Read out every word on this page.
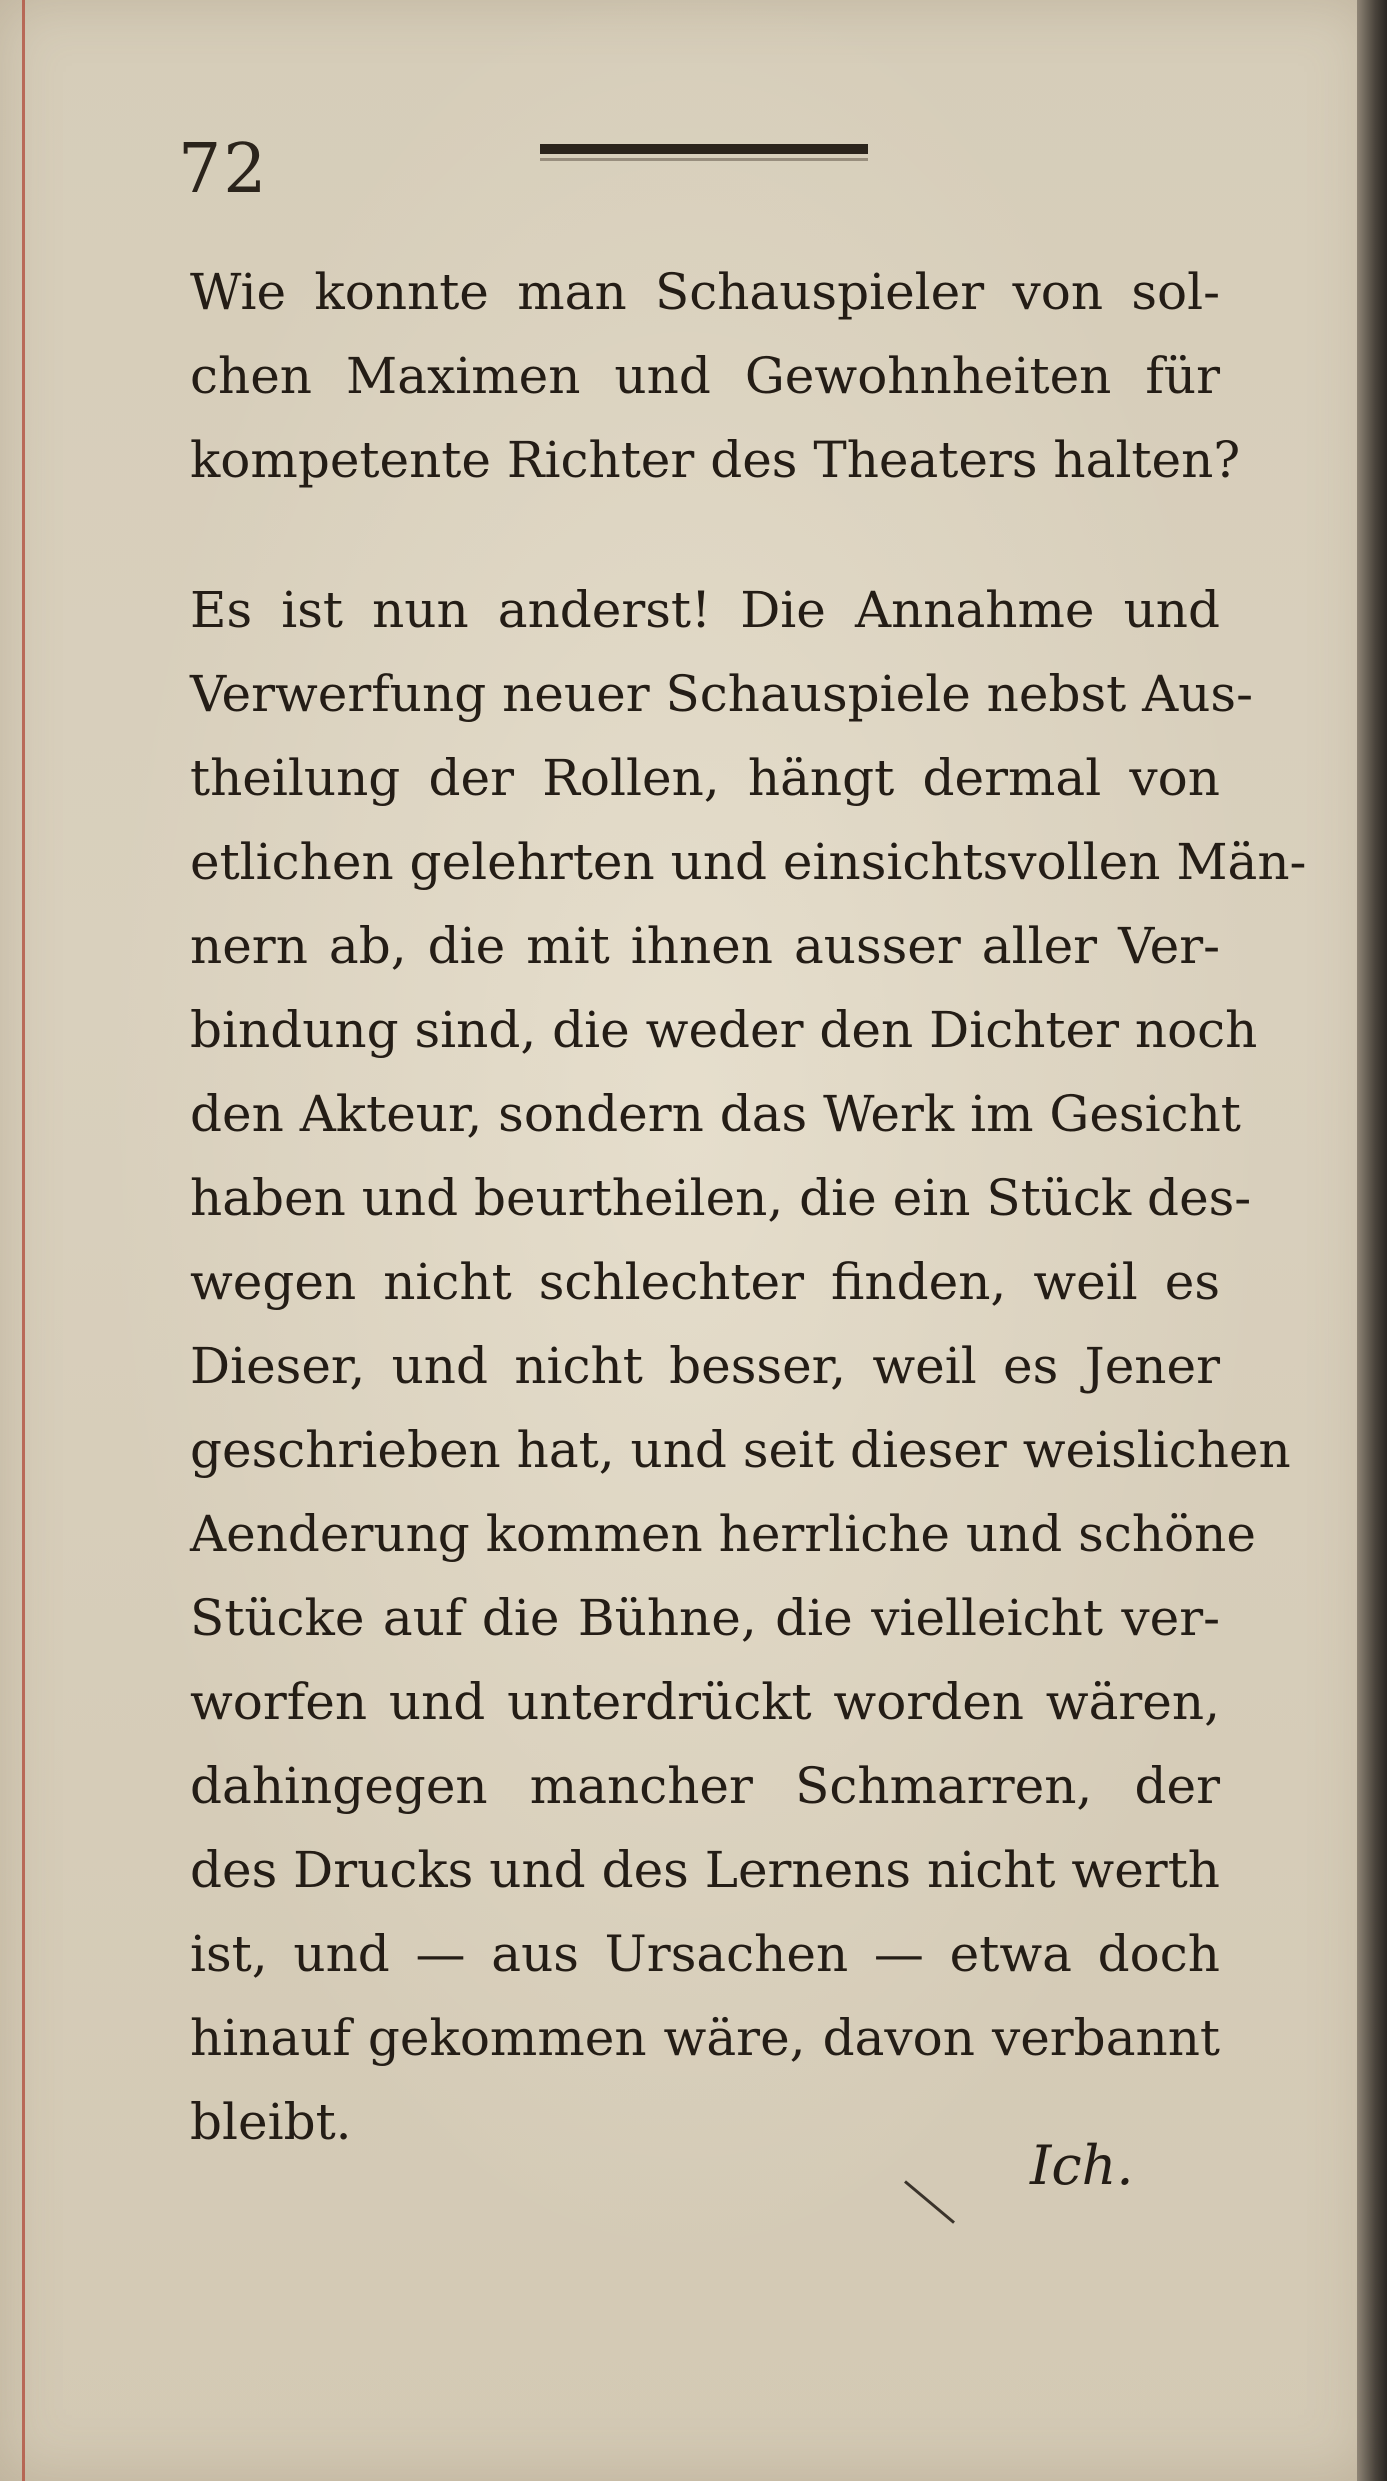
72
Wie konnte man Schauspieler von sol-
chen Maximen und Gewohnheiten für
kompetente Richter des Theaters halten?
Es ist nun anderst! Die Annahme und
Verwerfung neuer Schauspiele nebst Aus-
theilung der Rollen, hängt dermal von
etlichen gelehrten und einsichtsvollen Män-
nern ab, die mit ihnen ausser aller Ver-
bindung sind, die weder den Dichter noch
den Akteur, sondern das Werk im Gesicht
haben und beurtheilen, die ein Stück des-
wegen nicht schlechter finden, weil es
Dieser, und nicht besser, weil es Jener
geschrieben hat, und seit dieser weislichen
Aenderung kommen herrliche und schöne
Stücke auf die Bühne, die vielleicht ver-
worfen und unterdrückt worden wären,
dahingegen mancher Schmarren, der
des Drucks und des Lernens nicht werth
ist, und — aus Ursachen — etwa doch
hinauf gekommen wäre, davon verbannt
bleibt.
Ich.
